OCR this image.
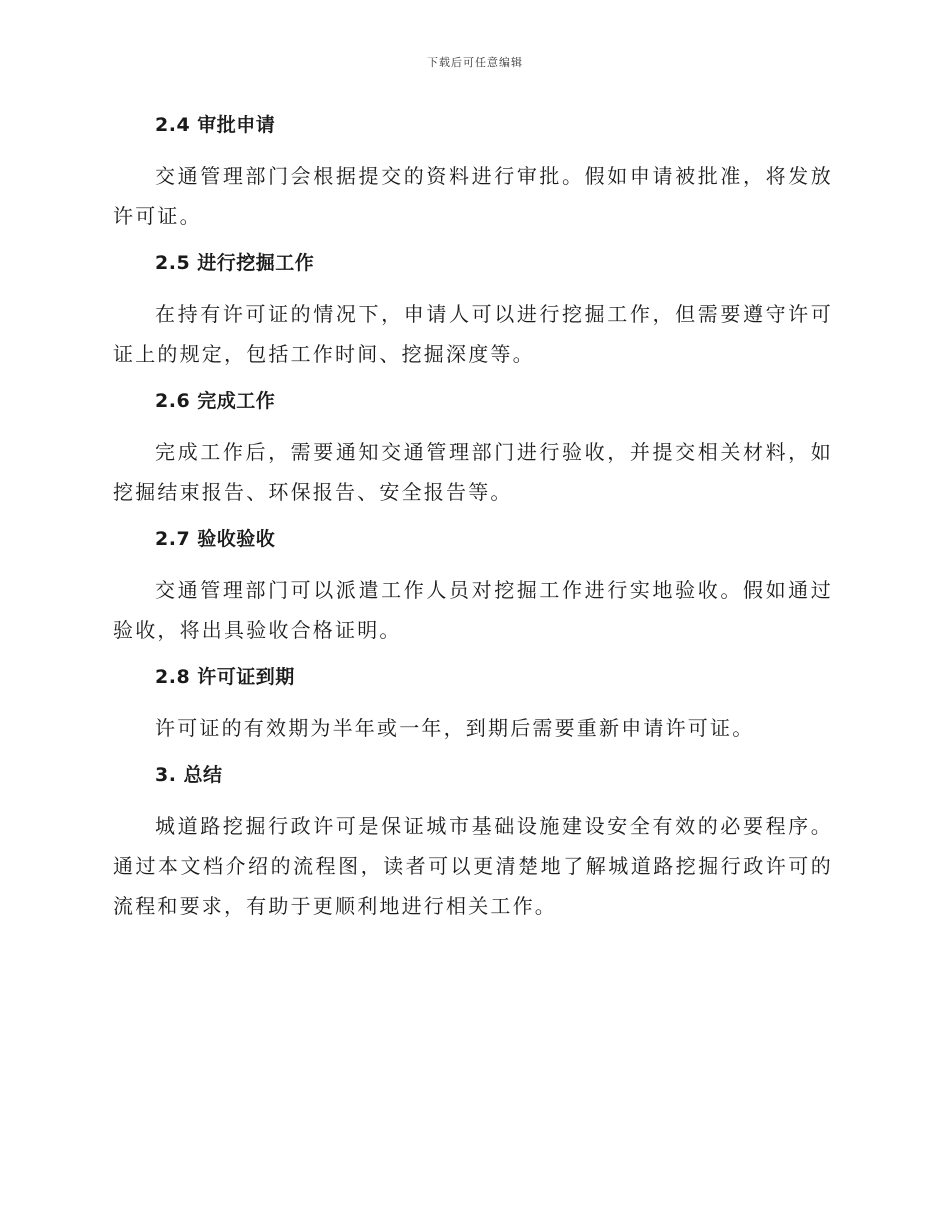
下载后可任意编辑
2.4 审批申请

交通管理部门会根据提交的资料进行审批。假如申请被批准，将发放许可证。

2.5 进行挖掘工作

在持有许可证的情况下，申请人可以进行挖掘工作，但需要遵守许可证上的规定，包括工作时间、挖掘深度等。

2.6 完成工作

完成工作后，需要通知交通管理部门进行验收，并提交相关材料，如挖掘结束报告、环保报告、安全报告等。

2.7 验收验收

交通管理部门可以派遣工作人员对挖掘工作进行实地验收。假如通过验收，将出具验收合格证明。

2.8 许可证到期

许可证的有效期为半年或一年，到期后需要重新申请许可证。

3. 总结

城道路挖掘行政许可是保证城市基础设施建设安全有效的必要程序。通过本文档介绍的流程图，读者可以更清楚地了解城道路挖掘行政许可的流程和要求，有助于更顺利地进行相关工作。
